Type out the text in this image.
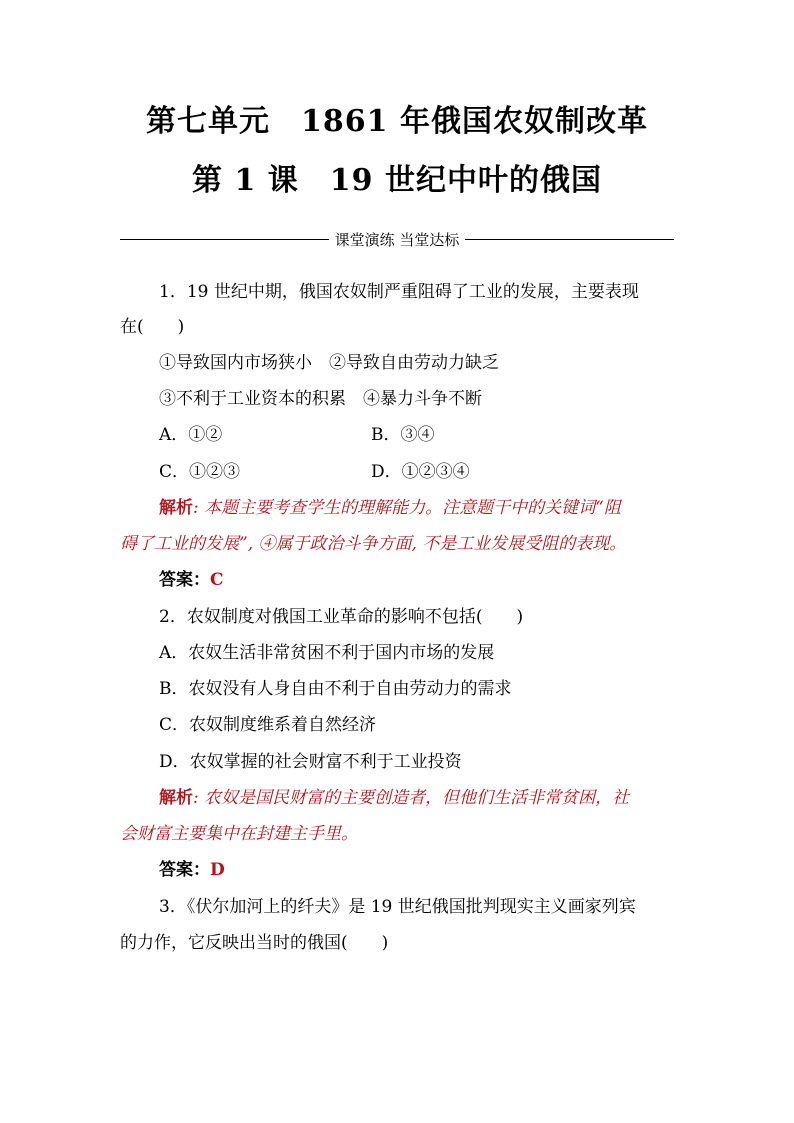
第七单元　1861 年俄国农奴制改革
第 1 课　19 世纪中叶的俄国
课堂演练 当堂达标
1．19 世纪中期，俄国农奴制严重阻碍了工业的发展，主要表现
在(　　)
①导致国内市场狭小　②导致自由劳动力缺乏
③不利于工业资本的积累　④暴力斗争不断
A．①②	B．③④
C．①②③	D．①②③④
解析: 本题主要考查学生的理解能力。注意题干中的关键词“阻
碍了工业的发展”, ④属于政治斗争方面, 不是工业发展受阻的表现。
答案：C
2．农奴制度对俄国工业革命的影响不包括(　　)
A．农奴生活非常贫困不利于国内市场的发展
B．农奴没有人身自由不利于自由劳动力的需求
C．农奴制度维系着自然经济
D．农奴掌握的社会财富不利于工业投资
解析: 农奴是国民财富的主要创造者，但他们生活非常贫困，社
会财富主要集中在封建主手里。
答案：D
3．《伏尔加河上的纤夫》是 19 世纪俄国批判现实主义画家列宾
的力作，它反映出当时的俄国(　　)
